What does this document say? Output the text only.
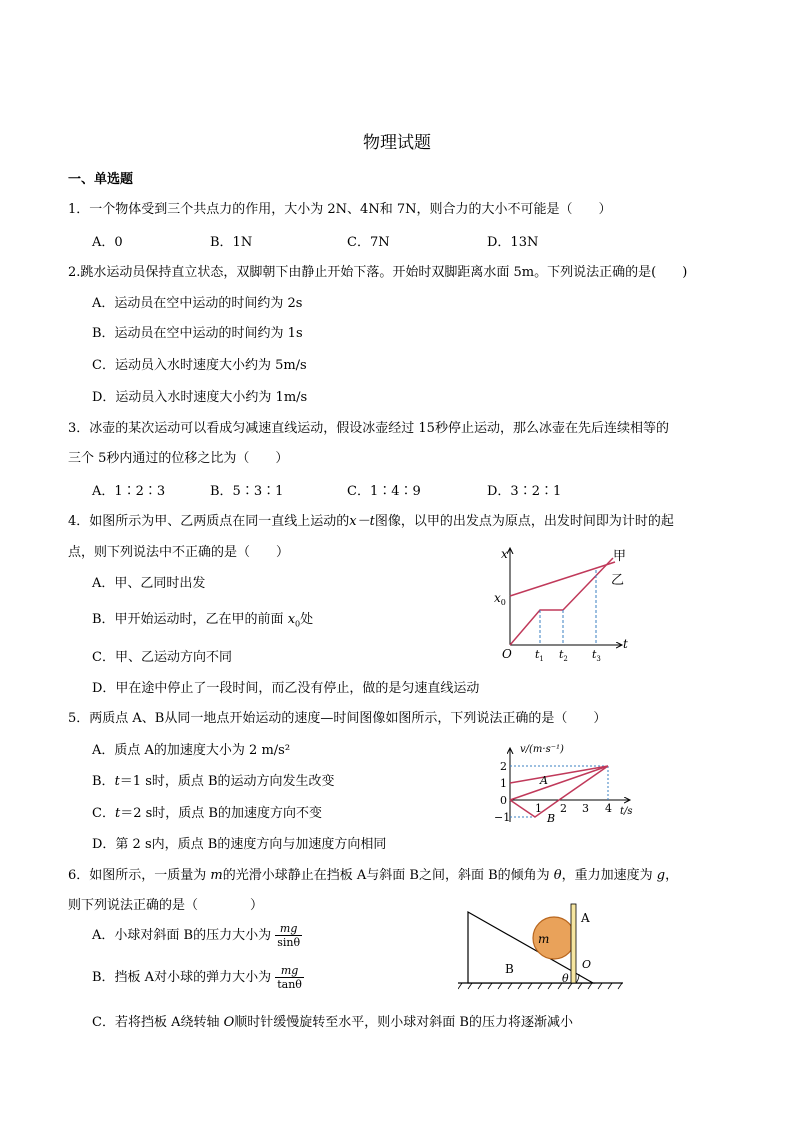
物理试题
一、单选题
1．一个物体受到三个共点力的作用，大小为 2N、4N和 7N，则合力的大小不可能是（　　）
A．0	B．1N	C．7N	D．13N
2.跳水运动员保持直立状态，双脚朝下由静止开始下落。开始时双脚距离水面 5m。下列说法正确的是(　　)
A．运动员在空中运动的时间约为 2s
B．运动员在空中运动的时间约为 1s
C．运动员入水时速度大小约为 5m/s
D．运动员入水时速度大小约为 1m/s
3．冰壶的某次运动可以看成匀减速直线运动，假设冰壶经过 15秒停止运动，那么冰壶在先后连续相等的
三个 5秒内通过的位移之比为（　　）
A．1∶2∶3	B．5∶3∶1	C．1∶4∶9	D．3∶2∶1
4．如图所示为甲、乙两质点在同一直线上运动的x－t图像，以甲的出发点为原点，出发时间即为计时的起
点，则下列说法中不正确的是（　　）
A．甲、乙同时出发
B．甲开始运动时，乙在甲的前面 $x_0$处
C．甲、乙运动方向不同
D．甲在途中停止了一段时间，而乙没有停止，做的是匀速直线运动
x
t
O
$x_0$
$t_1$ $t_2$ $t_3$
甲
乙
5．两质点 A、B从同一地点开始运动的速度—时间图像如图所示，下列说法正确的是（　　）
A．质点 A的加速度大小为 2 m/s²
B．t＝1 s时，质点 B的运动方向发生改变
C．t＝2 s时，质点 B的加速度方向不变
D．第 2 s内，质点 B的速度方向与加速度方向相同
v/(m·s⁻¹)
t/s
2
1
0
−1
1 2 3 4
A
B
6．如图所示，一质量为 m的光滑小球静止在挡板 A与斜面 B之间，斜面 B的倾角为 θ，重力加速度为 g，
则下列说法正确的是（　　　　）
A．小球对斜面 B的压力大小为 $\frac{mg}{\sin\theta}$
B．挡板 A对小球的弹力大小为 $\frac{mg}{\tan\theta}$
C．若将挡板 A绕转轴 O顺时针缓慢旋转至水平，则小球对斜面 B的压力将逐渐减小
A
B
m
O
θ
